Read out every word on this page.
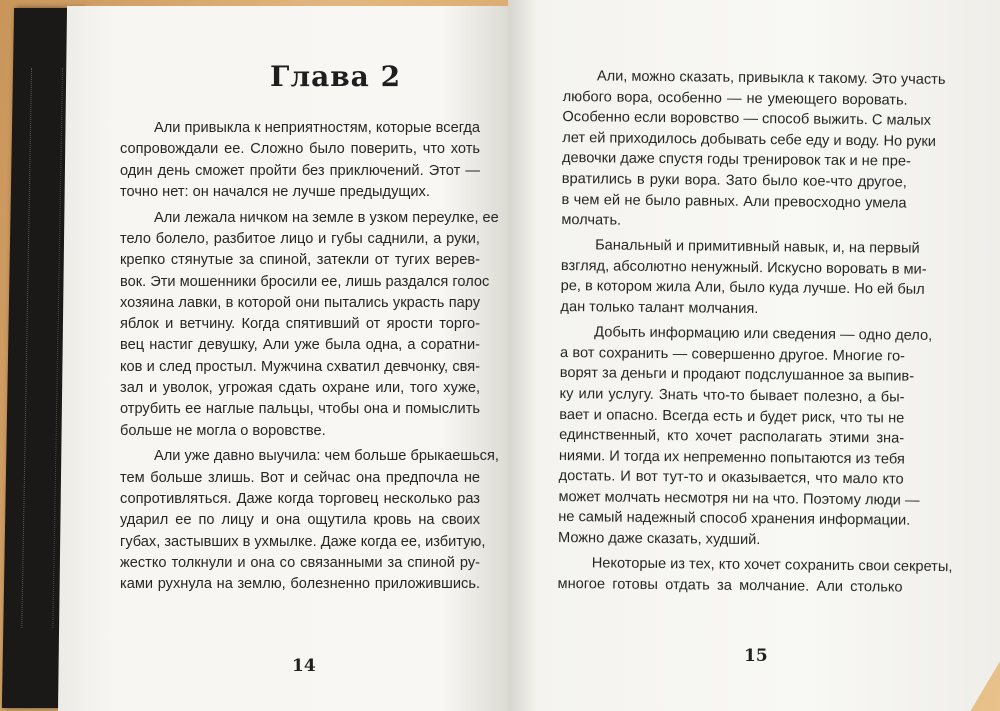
Глава 2
Али привыкла к неприятностям, которые всегда
сопровождали ее. Сложно было поверить, что хоть
один день сможет пройти без приключений. Этот —
точно нет: он начался не лучше предыдущих.
Али лежала ничком на земле в узком переулке, ее
тело болело, разбитое лицо и губы саднили, а руки,
крепко стянутые за спиной, затекли от тугих верев-
вок. Эти мошенники бросили ее, лишь раздался голос
хозяина лавки, в которой они пытались украсть пару
яблок и ветчину. Когда спятивший от ярости торго-
вец настиг девушку, Али уже была одна, а соратни-
ков и след простыл. Мужчина схватил девчонку, свя-
зал и уволок, угрожая сдать охране или, того хуже,
отрубить ее наглые пальцы, чтобы она и помыслить
больше не могла о воровстве.
Али уже давно выучила: чем больше брыкаешься,
тем больше злишь. Вот и сейчас она предпочла не
сопротивляться. Даже когда торговец несколько раз
ударил ее по лицу и она ощутила кровь на своих
губах, застывших в ухмылке. Даже когда ее, избитую,
жестко толкнули и она со связанными за спиной ру-
ками рухнула на землю, болезненно приложившись.
Али, можно сказать, привыкла к такому. Это участь
любого вора, особенно — не умеющего воровать.
Особенно если воровство — способ выжить. С малых
лет ей приходилось добывать себе еду и воду. Но руки
девочки даже спустя годы тренировок так и не пре-
вратились в руки вора. Зато было кое-что другое,
в чем ей не было равных. Али превосходно умела
молчать.
Банальный и примитивный навык, и, на первый
взгляд, абсолютно ненужный. Искусно воровать в ми-
ре, в котором жила Али, было куда лучше. Но ей был
дан только талант молчания.
Добыть информацию или сведения — одно дело,
а вот сохранить — совершенно другое. Многие го-
ворят за деньги и продают подслушанное за выпив-
ку или услугу. Знать что-то бывает полезно, а бы-
вает и опасно. Всегда есть и будет риск, что ты не
единственный, кто хочет располагать этими зна-
ниями. И тогда их непременно попытаются из тебя
достать. И вот тут-то и оказывается, что мало кто
может молчать несмотря ни на что. Поэтому люди —
не самый надежный способ хранения информации.
Можно даже сказать, худший.
Некоторые из тех, кто хочет сохранить свои секреты,
многое готовы отдать за молчание. Али столько
14	15
